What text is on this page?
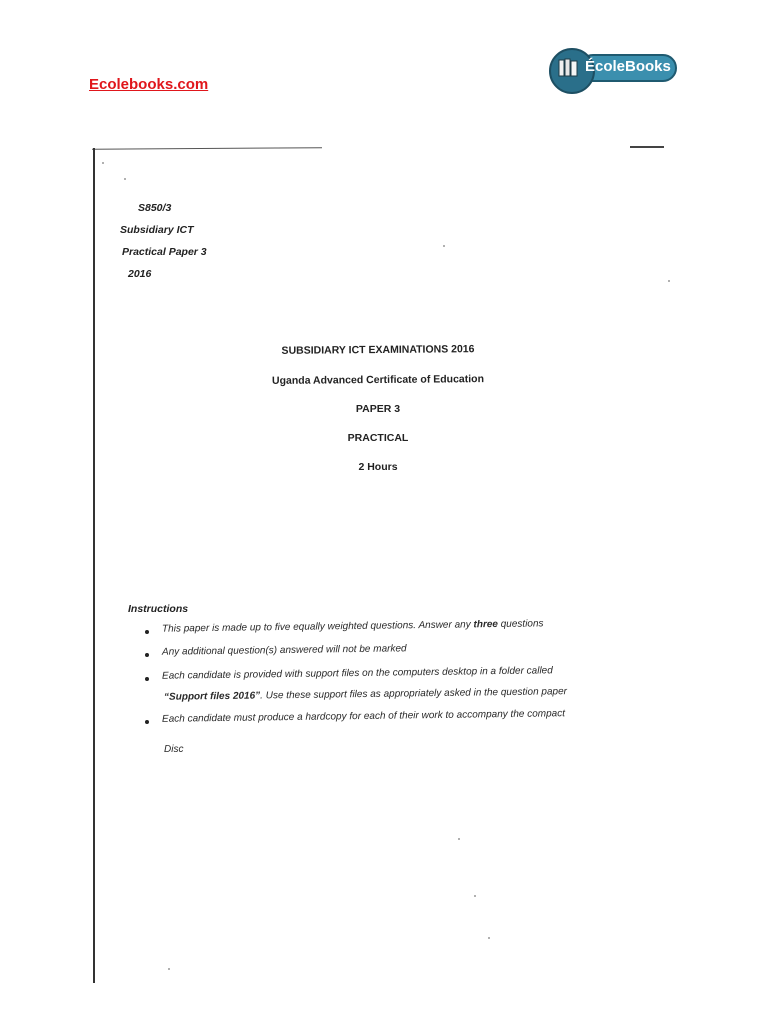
Ecolebooks.com
ÉcoleBooks
S850/3
Subsidiary ICT
Practical Paper 3
2016
SUBSIDIARY ICT EXAMINATIONS 2016
Uganda Advanced Certificate of Education
PAPER 3
PRACTICAL
2 Hours
Instructions
This paper is made up to five equally weighted questions. Answer any three questions
Any additional question(s) answered will not be marked
Each candidate is provided with support files on the computers desktop in a folder called
“Support files 2016”. Use these support files as appropriately asked in the question paper
Each candidate must produce a hardcopy for each of their work to accompany the compact
Disc
